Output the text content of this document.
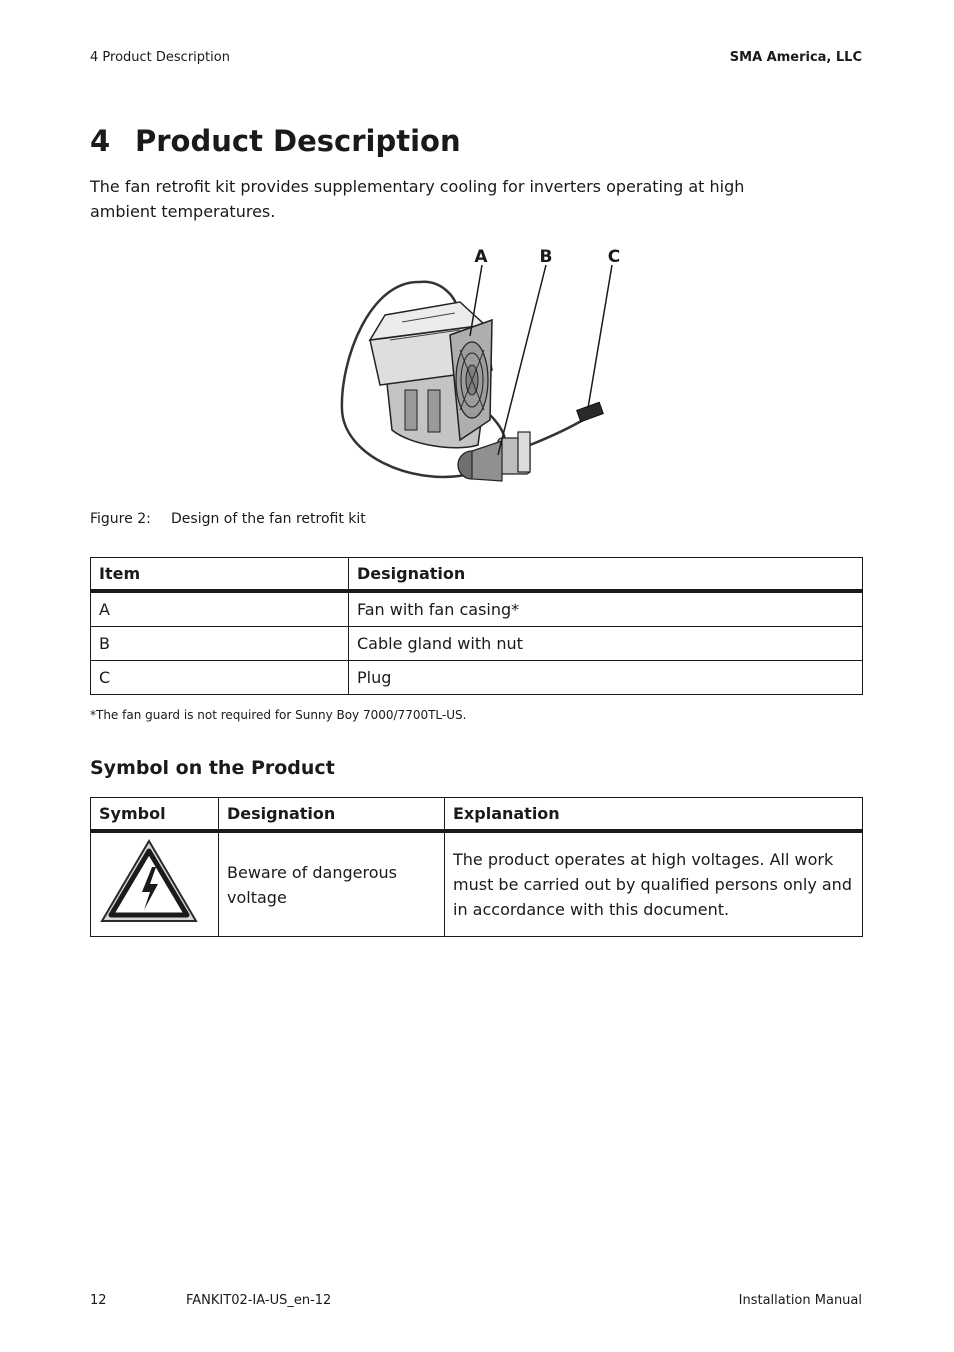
4 Product Description	SMA America, LLC
4 Product Description
The fan retrofit kit provides supplementary cooling for inverters operating at high ambient temperatures.
A	B	C
Figure 2: Design of the fan retrofit kit
Item	Designation
A	Fan with fan casing*
B	Cable gland with nut
C	Plug
*The fan guard is not required for Sunny Boy 7000/7700TL-US.
Symbol on the Product
Symbol	Designation	Explanation
	Beware of dangerous voltage	The product operates at high voltages. All work must be carried out by qualified persons only and in accordance with this document.
12	FANKIT02-IA-US_en-12	Installation Manual
